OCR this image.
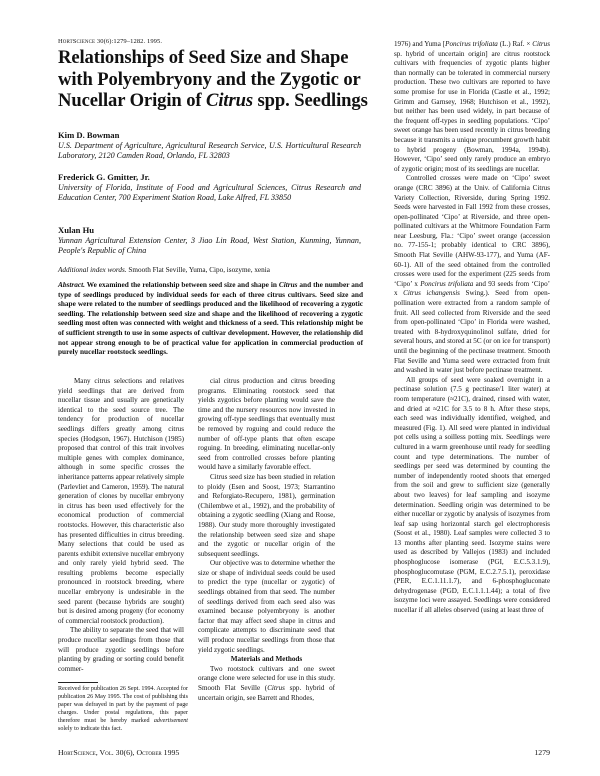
HortScience 30(6):1279–1282. 1995.
Relationships of Seed Size and Shape with Polyembryony and the Zygotic or Nucellar Origin of Citrus spp. Seedlings
Kim D. Bowman
U.S. Department of Agriculture, Agricultural Research Service, U.S. Horticultural Research Laboratory, 2120 Camden Road, Orlando, FL 32803
Frederick G. Gmitter, Jr.
University of Florida, Institute of Food and Agricultural Sciences, Citrus Research and Education Center, 700 Experiment Station Road, Lake Alfred, FL 33850
Xulan Hu
Yunnan Agricultural Extension Center, 3 Jiao Lin Road, West Station, Kunming, Yunnan, People's Republic of China
Additional index words. Smooth Flat Seville, Yuma, Cipo, isozyme, xenia
Abstract. We examined the relationship between seed size and shape in Citrus and the number and type of seedlings produced by individual seeds for each of three citrus cultivars. Seed size and shape were related to the number of seedlings produced and the likelihood of recovering a zygotic seedling. The relationship between seed size and shape and the likelihood of recovering a zygotic seedling most often was connected with weight and thickness of a seed. This relationship might be of sufficient strength to use in some aspects of cultivar development. However, the relationship did not appear strong enough to be of practical value for application in commercial production of purely nucellar rootstock seedlings.

Many citrus selections and relatives yield seedlings that are derived from nucellar tissue and usually are genetically identical to the seed source tree. The tendency for production of nucellar seedlings differs greatly among citrus species (Hodgson, 1967). Hutchison (1985) proposed that control of this trait involves multiple genes with complex dominance, although in some specific crosses the inheritance patterns appear relatively simple (Parlevliet and Cameron, 1959). The natural generation of clones by nucellar embryony in citrus has been used effectively for the economical production of commercial rootstocks. However, this characteristic also has presented difficulties in citrus breeding. Many selections that could be used as parents exhibit extensive nucellar embryony and only rarely yield hybrid seed. The resulting problems become especially pronounced in rootstock breeding, where nucellar embryony is undesirable in the seed parent (because hybrids are sought) but is desired among progeny (for economy of commercial rootstock production).

The ability to separate the seed that will produce nucellar seedlings from those that will produce zygotic seedlings before planting by grading or sorting could benefit commer-

cial citrus production and citrus breeding programs. Eliminating rootstock seed that yields zygotics before planting would save the time and the nursery resources now invested in growing off-type seedlings that eventually must be removed by roguing and could reduce the number of off-type plants that often escape roguing. In breeding, eliminating nucellar-only seed from controlled crosses before planting would have a similarly favorable effect.

Citrus seed size has been studied in relation to ploidy (Esen and Soost, 1973; Starrantino and Reforgiato-Recupero, 1981), germination (Chilembwe et al., 1992), and the probability of obtaining a zygotic seedling (Xiang and Roose, 1988). Our study more thoroughly investigated the relationship between seed size and shape and the zygotic or nucellar origin of the subsequent seedlings.

Our objective was to determine whether the size or shape of individual seeds could be used to predict the type (nucellar or zygotic) of seedlings obtained from that seed. The number of seedlings derived from each seed also was examined because polyembryony is another factor that may affect seed shape in citrus and complicate attempts to discriminate seed that will produce nucellar seedlings from those that yield zygotic seedlings.

Materials and Methods

Two rootstock cultivars and one sweet orange clone were selected for use in this study. Smooth Flat Seville (Citrus spp. hybrid of uncertain origin, see Barrett and Rhodes,

1976) and Yuma [Poncirus trifoliata (L.) Raf. × Citrus sp. hybrid of uncertain origin] are citrus rootstock cultivars with frequencies of zygotic plants higher than normally can be tolerated in commercial nursery production. These two cultivars are reported to have some promise for use in Florida (Castle et al., 1992; Grimm and Garnsey, 1968; Hutchison et al., 1992), but neither has been used widely, in part because of the frequent off-types in seedling populations. ‘Cipo’ sweet orange has been used recently in citrus breeding because it transmits a unique procumbent growth habit to hybrid progeny (Bowman, 1994a, 1994b). However, ‘Cipo’ seed only rarely produce an embryo of zygotic origin; most of its seedlings are nucellar.

Controlled crosses were made on ‘Cipo’ sweet orange (CRC 3896) at the Univ. of California Citrus Variety Collection, Riverside, during Spring 1992. Seeds were harvested in Fall 1992 from these crosses, open-pollinated ‘Cipo’ at Riverside, and three open-pollinated cultivars at the Whitmore Foundation Farm near Leesburg, Fla.: ‘Cipo’ sweet orange (accession no. 77-155-1; probably identical to CRC 3896), Smooth Flat Seville (AHW-93-177), and Yuma (AF-60-1). All of the seed obtained from the controlled crosses were used for the experiment (225 seeds from ‘Cipo’ x Poncirus trifoliata and 93 seeds from ‘Cipo’ x Citrus ichangensis Swing.). Seed from open-pollination were extracted from a random sample of fruit. All seed collected from Riverside and the seed from open-pollinated ‘Cipo’ in Florida were washed, treated with 8-hydroxyquinolinol sulfate, dried for several hours, and stored at 5C (or on ice for transport) until the beginning of the pectinase treatment. Smooth Flat Seville and Yuma seed were extracted from fruit and washed in water just before pectinase treatment.

All groups of seed were soaked overnight in a pectinase solution (7.5 g pectinase/1 liter water) at room temperature (≈21C), drained, rinsed with water, and dried at ≈21C for 3.5 to 8 h. After these steps, each seed was individually identified, weighed, and measured (Fig. 1). All seed were planted in individual pot cells using a soilless potting mix. Seedlings were cultured in a warm greenhouse until ready for seedling count and type determinations. The number of seedlings per seed was determined by counting the number of independently rooted shoots that emerged from the soil and grew to sufficient size (generally about two leaves) for leaf sampling and isozyme determination. Seedling origin was determined to be either nucellar or zygotic by analysis of isozymes from leaf sap using horizontal starch gel electrophoresis (Soost et al., 1980). Leaf samples were collected 3 to 13 months after planting seed. Isozyme stains were used as described by Vallejos (1983) and included phosphoglucose isomerase (PGI, E.C.5.3.1.9), phosphoglucomutase (PGM, E.C.2.7.5.1), peroxidase (PER, E.C.1.11.1.7), and 6-phosphogluconate dehydrogenase (PGD, E.C.1.1.1.44); a total of five isozyme loci were assayed. Seedlings were considered nucellar if all alleles observed (using at least three of

Received for publication 26 Sept. 1994. Accepted for publication 26 May 1995. The cost of publishing this paper was defrayed in part by the payment of page charges. Under postal regulations, this paper therefore must be hereby marked advertisement solely to indicate this fact.
HortScience, Vol. 30(6), October 1995	1279
